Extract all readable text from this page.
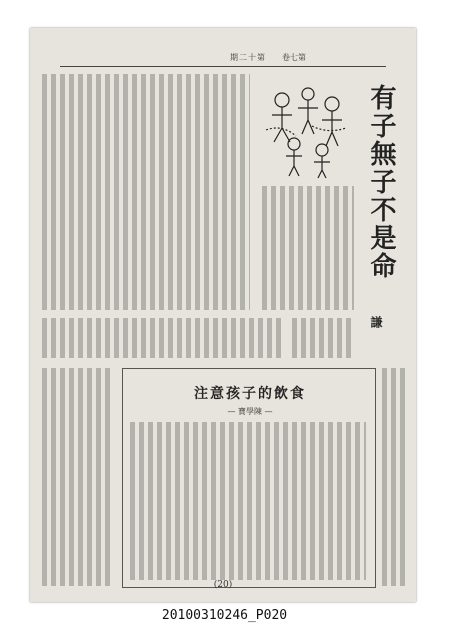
期二十第 卷七第
有子無子不是命
謙
注意孩子的飲食
— 寶學陳 —
(20)
20100310246_P020
